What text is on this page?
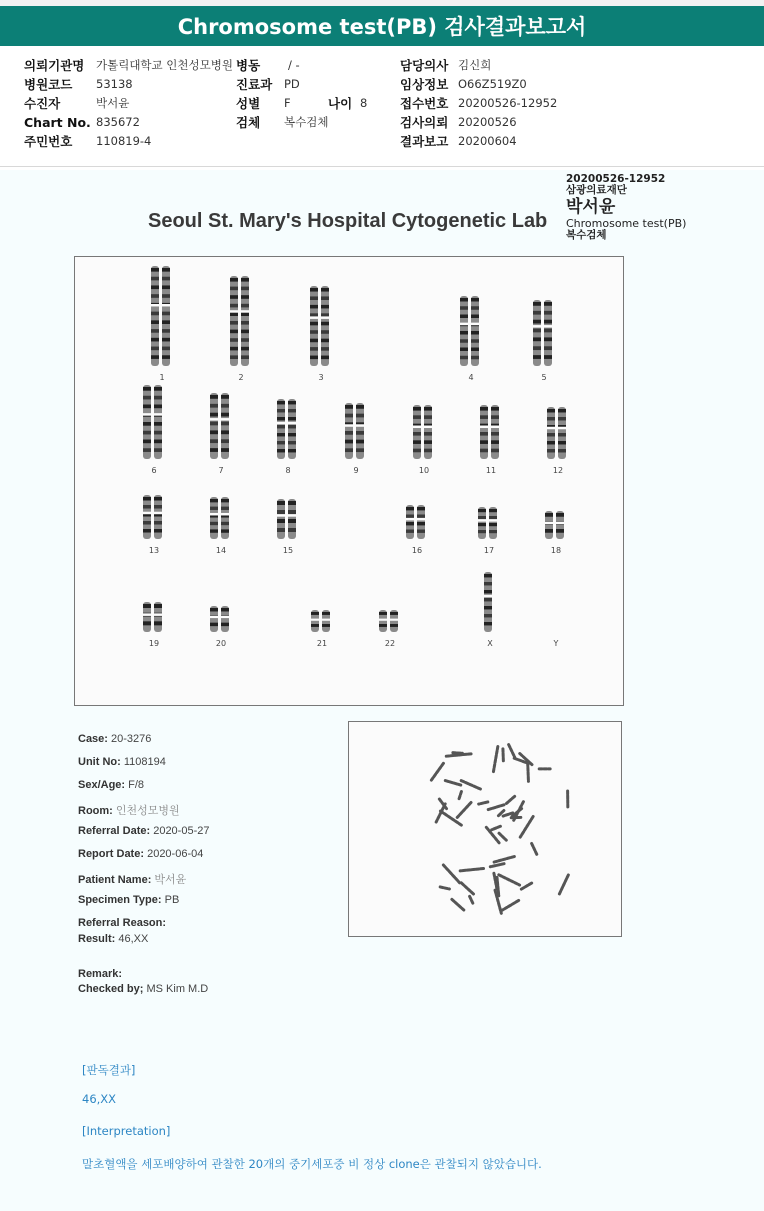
Chromosome test(PB) 검사결과보고서
의뢰기관명 가톨릭대학교 인천성모병원 병동 / -	담당의사 김신희
병원코드 53138	진료과 PD	임상정보 O66Z519Z0
수진자	박서윤	성별 F	나이 8	접수번호 20200526-12952
Chart No. 835672	검체 복수검체	검사의뢰 20200526
주민번호 110819-4	결과보고 20200604
20200526-12952
삼광의료재단
박서윤
Chromosome test(PB)
복수검체
Seoul St. Mary's Hospital Cytogenetic Lab
1	2	3	4	5
6	7	8	9	10	11	12
13	14	15	16	17	18
19	20	21	22	X	Y
Case: 20-3276
Unit No: 1108194
Sex/Age: F/8
Room: 인천성모병원
Referral Date: 2020-05-27
Report Date: 2020-06-04
Patient Name: 박서윤
Specimen Type: PB
Referral Reason:
Result: 46,XX
Remark:
Checked by; MS Kim M.D
[판독결과]
46,XX
[Interpretation]
말초혈액을 세포배양하여 관찰한 20개의 중기세포중 비 정상 clone은 관찰되지 않았습니다.
